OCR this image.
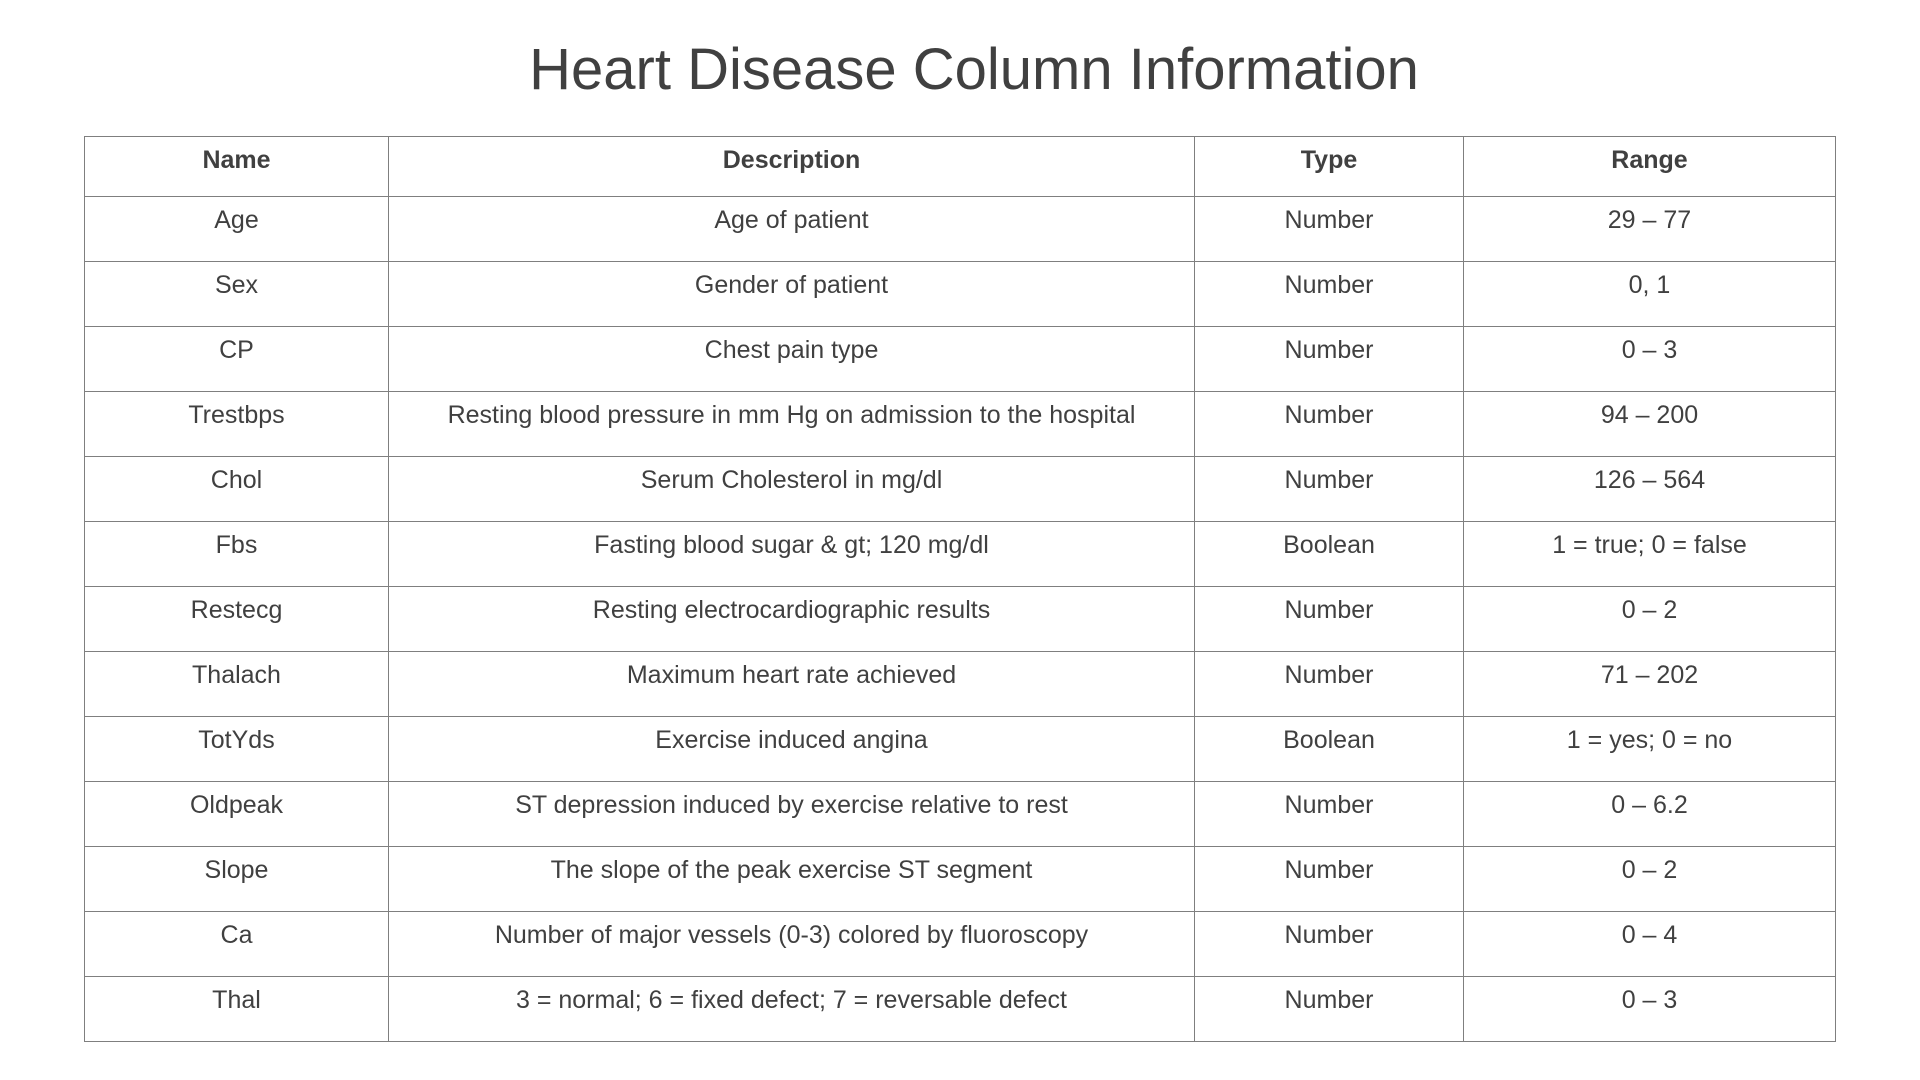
Heart Disease Column Information
Name	Description	Type	Range
Age	Age of patient	Number	29 – 77
Sex	Gender of patient	Number	0, 1
CP	Chest pain type	Number	0 – 3
Trestbps	Resting blood pressure in mm Hg on admission to the hospital	Number	94 – 200
Chol	Serum Cholesterol in mg/dl	Number	126 – 564
Fbs	Fasting blood sugar & gt; 120 mg/dl	Boolean	1 = true; 0 = false
Restecg	Resting electrocardiographic results	Number	0 – 2
Thalach	Maximum heart rate achieved	Number	71 – 202
TotYds	Exercise induced angina	Boolean	1 = yes; 0 = no
Oldpeak	ST depression induced by exercise relative to rest	Number	0 – 6.2
Slope	The slope of the peak exercise ST segment	Number	0 – 2
Ca	Number of major vessels (0-3) colored by fluoroscopy	Number	0 – 4
Thal	3 = normal; 6 = fixed defect; 7 = reversable defect	Number	0 – 3
